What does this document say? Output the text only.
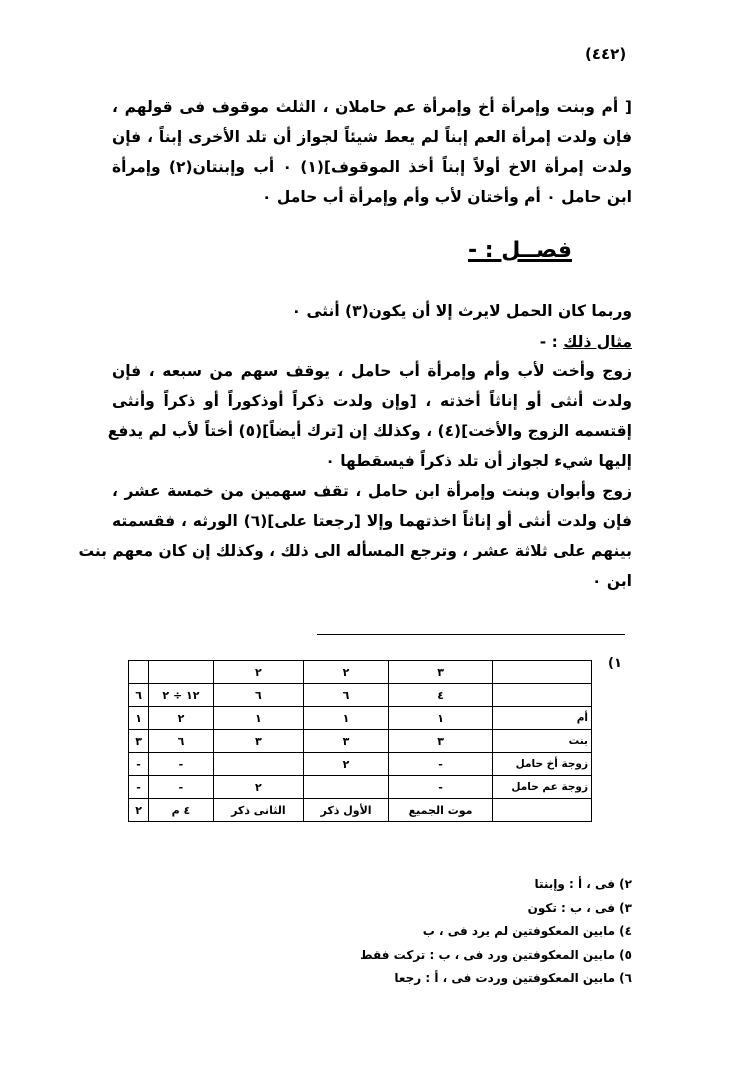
(٤٤٢)
[ أم وبنت وإمرأة أخ وإمرأة عم حاملان ، الثلث موقوف فى قولهم ،
فإن ولدت إمرأة العم إبناً لم يعط شيئاً لجواز أن تلد الأخرى إبناً ، فإن
ولدت إمرأة الاخ أولاً إبناً أخذ الموقوف](١) ٠ أب وإبنتان(٢) وإمرأة
ابن حامل ٠ أم وأختان لأب وأم وإمرأة أب حامل ٠
فصــل : -
وربما كان الحمل لايرث إلا أن يكون(٣) أنثى ٠
مثال ذلك : -
زوج وأخت لأب وأم وإمرأة أب حامل ، يوقف سهم من سبعه ، فإن
ولدت أنثى أو إناثاً أخذته ، [وإن ولدت ذكراً أوذكوراً أو ذكراً وأنثى
إقتسمه الزوج والأخت](٤) ، وكذلك إن [ترك أيضاً](٥) أختاً لأب لم يدفع
إليها شيء لجواز أن تلد ذكراً فيسقطها ٠
زوج وأبوان وبنت وإمرأة ابن حامل ، تقف سهمين من خمسة عشر ،
فإن ولدت أنثى أو إناثاً اخذتهما وإلا [رجعتا على](٦) الورثه ، فقسمته
بينهم على ثلاثة عشر ، وترجع المسأله الى ذلك ، وكذلك إن كان معهم بنت
ابن ٠
١)
	٣	٢	٢		
	٤	٦	٦	١٢ ÷ ٢	٦
أم	١	١	١	٢	١
بنت	٣	٣	٣	٦	٣
زوجة أخ حامل	-	٢		-	-
زوجة عم حامل	-		٢	-	-
	موت الجميع	الأول ذكر	الثانى ذكر	٤ م	٢
٢) فى ، أ : وإبنتا
٣) فى ، ب : تكون
٤) مابين المعكوفتين لم يرد فى ، ب
٥) مابين المعكوفتين ورد فى ، ب : تركت فقط
٦) مابين المعكوفتين وردت فى ، أ : رجعا
